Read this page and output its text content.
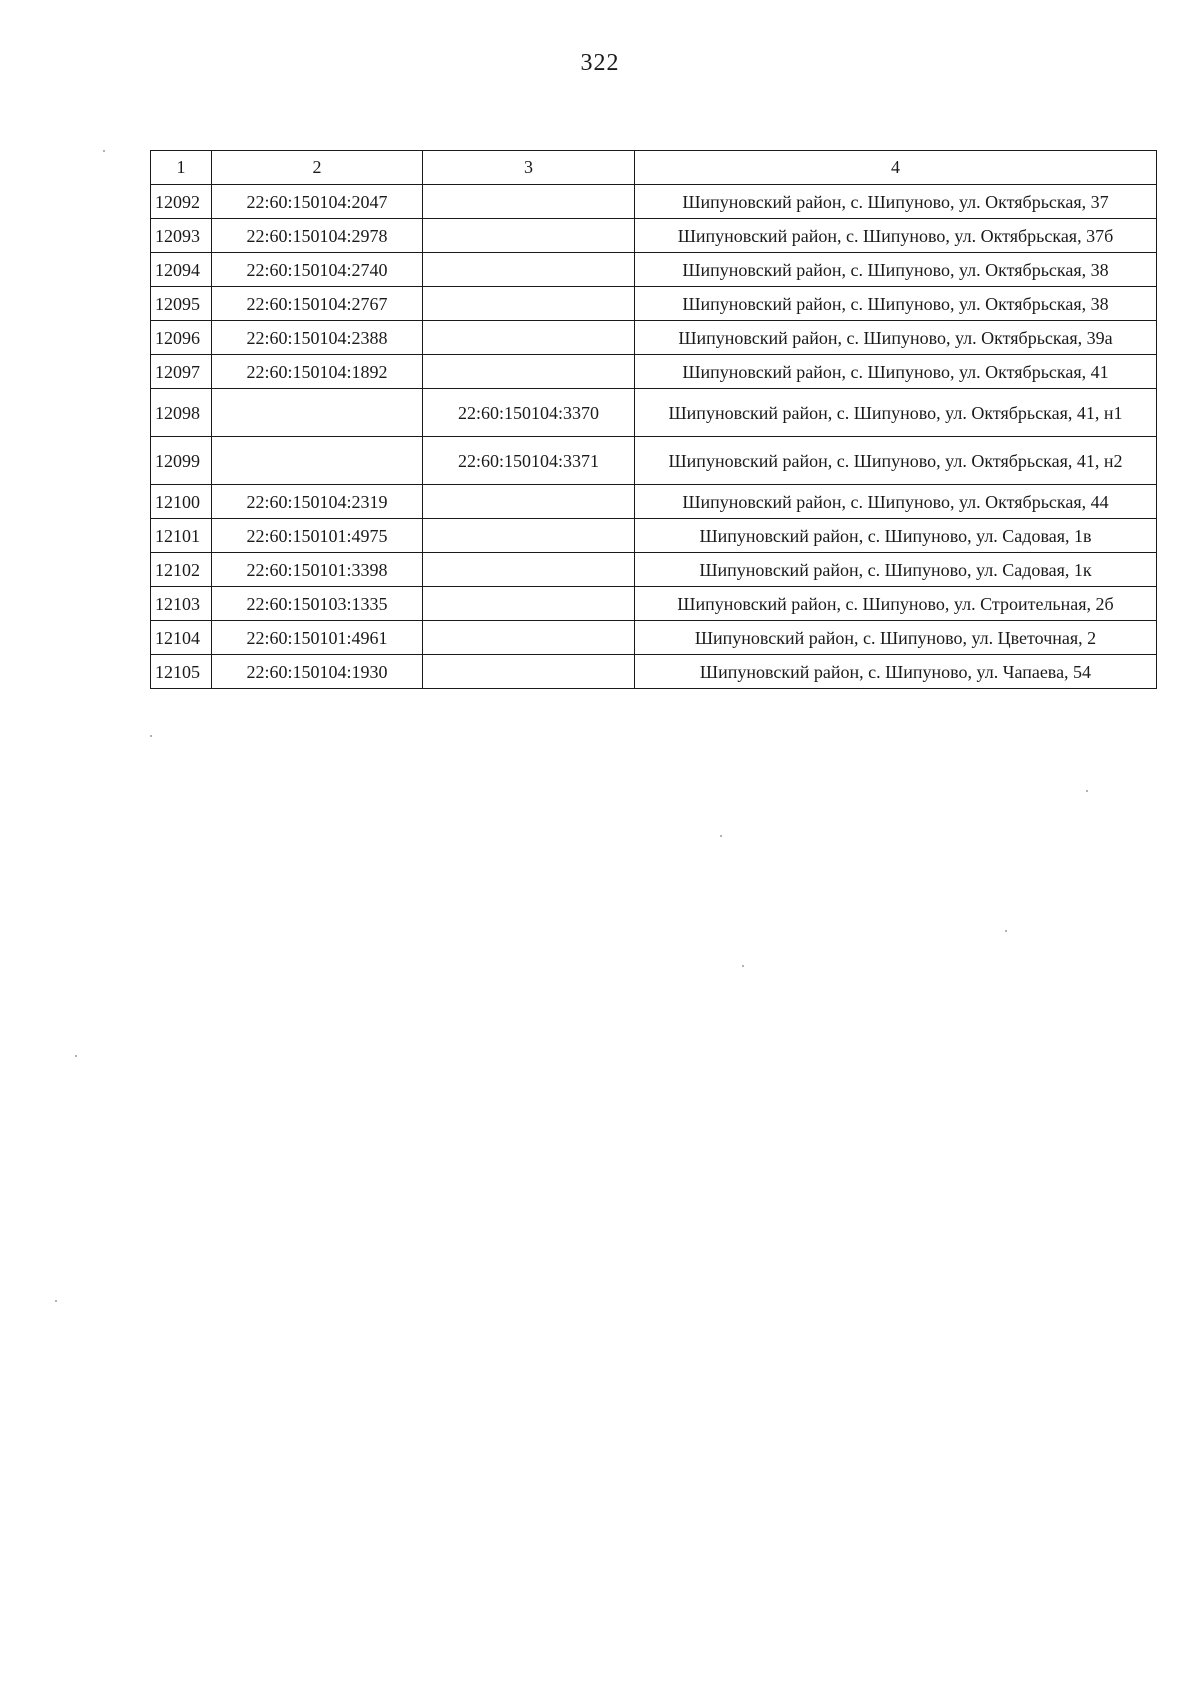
322
1	2	3	4
12092	22:60:150104:2047		Шипуновский район, с. Шипуново, ул. Октябрьская, 37
12093	22:60:150104:2978		Шипуновский район, с. Шипуново, ул. Октябрьская, 37б
12094	22:60:150104:2740		Шипуновский район, с. Шипуново, ул. Октябрьская, 38
12095	22:60:150104:2767		Шипуновский район, с. Шипуново, ул. Октябрьская, 38
12096	22:60:150104:2388		Шипуновский район, с. Шипуново, ул. Октябрьская, 39а
12097	22:60:150104:1892		Шипуновский район, с. Шипуново, ул. Октябрьская, 41
12098		22:60:150104:3370	Шипуновский район, с. Шипуново, ул. Октябрьская, 41, н1
12099		22:60:150104:3371	Шипуновский район, с. Шипуново, ул. Октябрьская, 41, н2
12100	22:60:150104:2319		Шипуновский район, с. Шипуново, ул. Октябрьская, 44
12101	22:60:150101:4975		Шипуновский район, с. Шипуново, ул. Садовая, 1в
12102	22:60:150101:3398		Шипуновский район, с. Шипуново, ул. Садовая, 1к
12103	22:60:150103:1335		Шипуновский район, с. Шипуново, ул. Строительная, 2б
12104	22:60:150101:4961		Шипуновский район, с. Шипуново, ул. Цветочная, 2
12105	22:60:150104:1930		Шипуновский район, с. Шипуново, ул. Чапаева, 54
